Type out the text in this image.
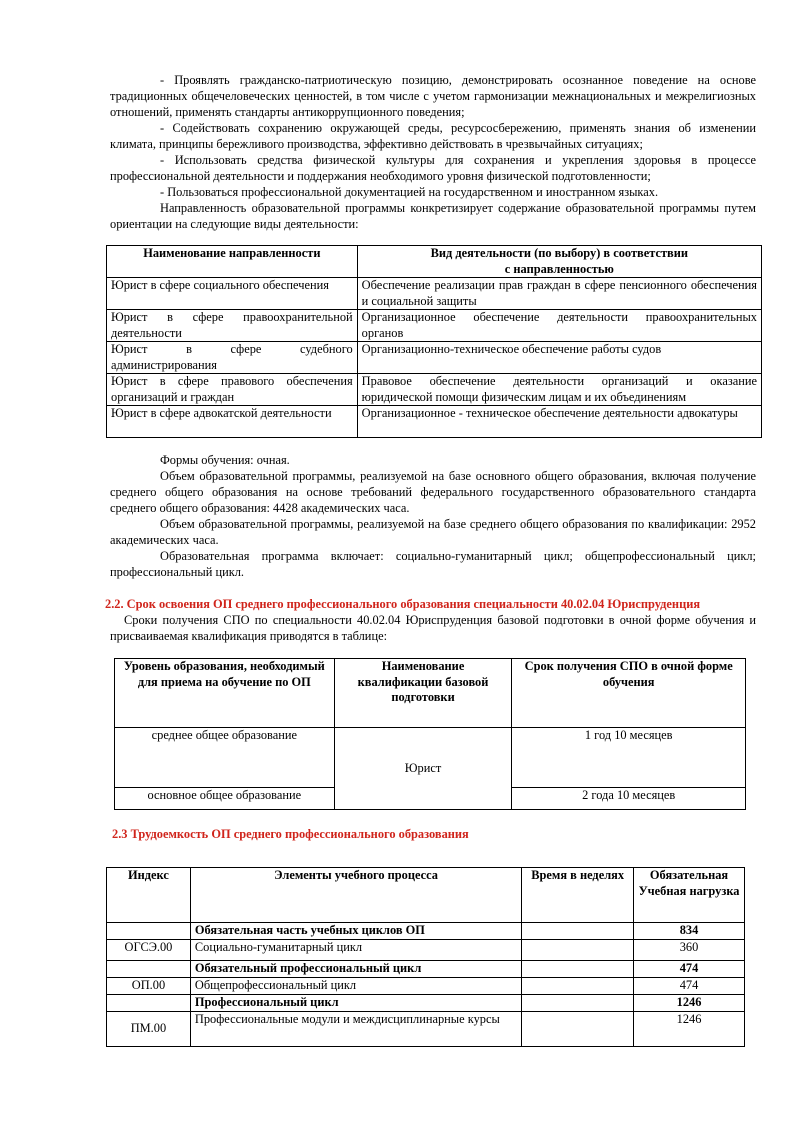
- Проявлять гражданско-патриотическую позицию, демонстрировать осознанное поведение на основе традиционных общечеловеческих ценностей, в том числе с учетом гармонизации межнациональных и межрелигиозных отношений, применять стандарты антикоррупционного поведения;

- Содействовать сохранению окружающей среды, ресурсосбережению, применять знания об изменении климата, принципы бережливого производства, эффективно действовать в чрезвычайных ситуациях;

- Использовать средства физической культуры для сохранения и укрепления здоровья в процессе профессиональной деятельности и поддержания необходимого уровня физической подготовленности;

- Пользоваться профессиональной документацией на государственном и иностранном языках.

Направленность образовательной программы конкретизирует содержание образовательной программы путем ориентации на следующие виды деятельности:

Наименование направленности	Вид деятельности (по выбору) в соответствии
с направленностью

Юрист в сфере социального обеспечения	Обеспечение реализации прав граждан в сфере пенсионного обеспечения и социальной защиты
Юрист в сфере правоохранительной деятельности	Организационное обеспечение деятельности правоохранительных органов
Юрист в сфере судебного администрирования	Организационно-техническое обеспечение работы судов
Юрист в сфере правового обеспечения организаций и граждан	Правовое обеспечение деятельности организаций и оказание юридической помощи физическим лицам и их объединениям
Юрист в сфере адвокатской деятельности	Организационное - техническое обеспечение деятельности адвокатуры

Формы обучения: очная.

Объем образовательной программы, реализуемой на базе основного общего образования, включая получение среднего общего образования на основе требований федерального государственного образовательного стандарта среднего общего образования: 4428 академических часа.

Объем образовательной программы, реализуемой на базе среднего общего образования по квалификации: 2952 академических часа.

Образовательная программа включает: социально-гуманитарный цикл; общепрофессиональный цикл; профессиональный цикл.

2.2. Срок освоения ОП среднего профессионального образования специальности 40.02.04 Юриспруденция

Сроки получения СПО по специальности 40.02.04 Юриспруденция базовой подготовки в очной форме обучения и присваиваемая квалификация приводятся в таблице:

Уровень образования, необходимый для приема на обучение по ОП	Наименование квалификации базовой подготовки	Срок получения СПО в очной форме обучения
среднее общее образование	Юрист	1 год 10 месяцев
основное общее образование		2 года 10 месяцев

2.3 Трудоемкость ОП среднего профессионального образования

Индекс	Элементы учебного процесса	Время в неделях	Обязательная Учебная нагрузка
	Обязательная часть учебных циклов ОП		834
ОГСЭ.00	Социально-гуманитарный цикл		360
	Обязательный профессиональный цикл		474
ОП.00	Общепрофессиональный цикл		474
	Профессиональный цикл		1246
ПМ.00	Профессиональные модули и междисциплинарные курсы		1246
